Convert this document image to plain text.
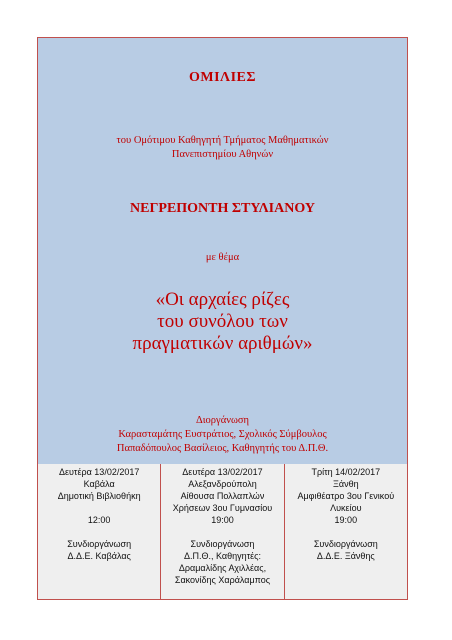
ΟΜΙΛΙΕΣ
του Ομότιμου Καθηγητή Τμήματος Μαθηματικών
Πανεπιστημίου Αθηνών
ΝΕΓΡΕΠΟΝΤΗ ΣΤΥΛΙΑΝΟΥ
με θέμα
«Οι αρχαίες ρίζες
του συνόλου των
πραγματικών αριθμών»
Διοργάνωση
Καρασταμάτης Ευστράτιος, Σχολικός Σύμβουλος
Παπαδόπουλος Βασίλειος, Καθηγητής του Δ.Π.Θ.
Δευτέρα 13/02/2017
Καβάλα
Δημοτική Βιβλιοθήκη
12:00
Συνδιοργάνωση
Δ.Δ.Ε. Καβάλας
Δευτέρα 13/02/2017
Αλεξανδρούπολη
Αίθουσα Πολλαπλών
Χρήσεων 3ου Γυμνασίου
19:00
Συνδιοργάνωση
Δ.Π.Θ., Καθηγητές:
Δραμαλίδης Αχιλλέας,
Σακονίδης Χαράλαμπος
Τρίτη 14/02/2017
Ξάνθη
Αμφιθέατρο 3ου Γενικού
Λυκείου
19:00
Συνδιοργάνωση
Δ.Δ.Ε. Ξάνθης
